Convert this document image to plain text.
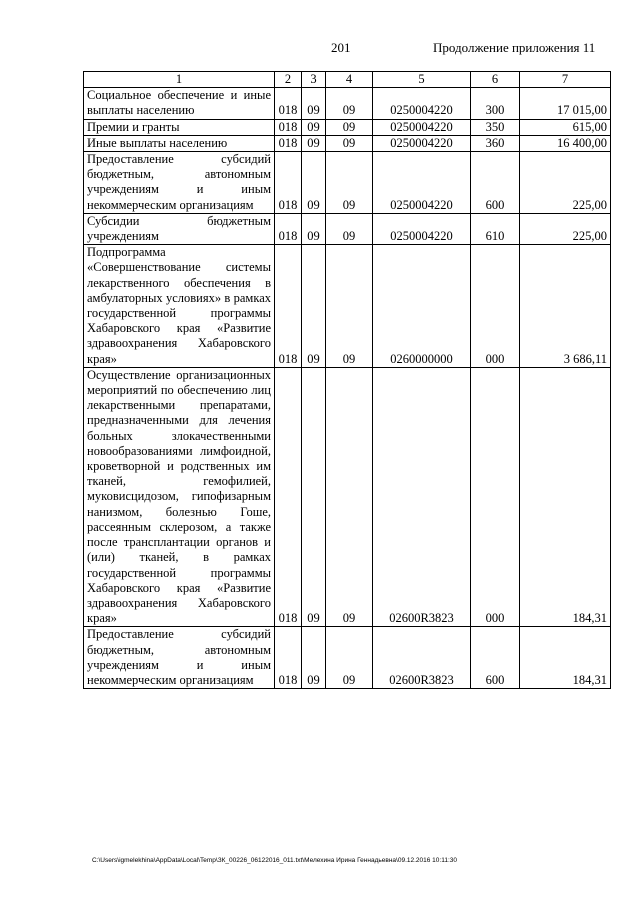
201	Продолжение приложения 11
1	2	3	4	5	6	7
Социальное обеспечение и иные выплаты населению	018	09	09	0250004220	300	17 015,00
Премии и гранты	018	09	09	0250004220	350	615,00
Иные выплаты населению	018	09	09	0250004220	360	16 400,00
Предоставление субсидий бюджетным, автономным учреждениям и иным некоммерческим организациям	018	09	09	0250004220	600	225,00
Субсидии бюджетным учреждениям	018	09	09	0250004220	610	225,00
Подпрограмма «Совершенствование системы лекарственного обеспечения в амбулаторных условиях» в рамках государственной программы Хабаровского края «Развитие здравоохранения Хабаровского края»	018	09	09	0260000000	000	3 686,11
Осуществление организационных мероприятий по обеспечению лиц лекарственными препаратами, предназначенными для лечения больных злокачественными новообразованиями лимфоидной, кроветворной и родственных им тканей, гемофилией, муковисцидозом, гипофизарным нанизмом, болезнью Гоше, рассеянным склерозом, а также после трансплантации органов и (или) тканей, в рамках государственной программы Хабаровского края «Развитие здравоохранения Хабаровского края»	018	09	09	02600R3823	000	184,31
Предоставление субсидий бюджетным, автономным учреждениям и иным некоммерческим организациям	018	09	09	02600R3823	600	184,31
C:\Users\igmelekhina\AppData\Local\Temp\ЗК_00226_06122016_011.txt\Мелехина Ирина Геннадьевна\09.12.2016 10:11:30
